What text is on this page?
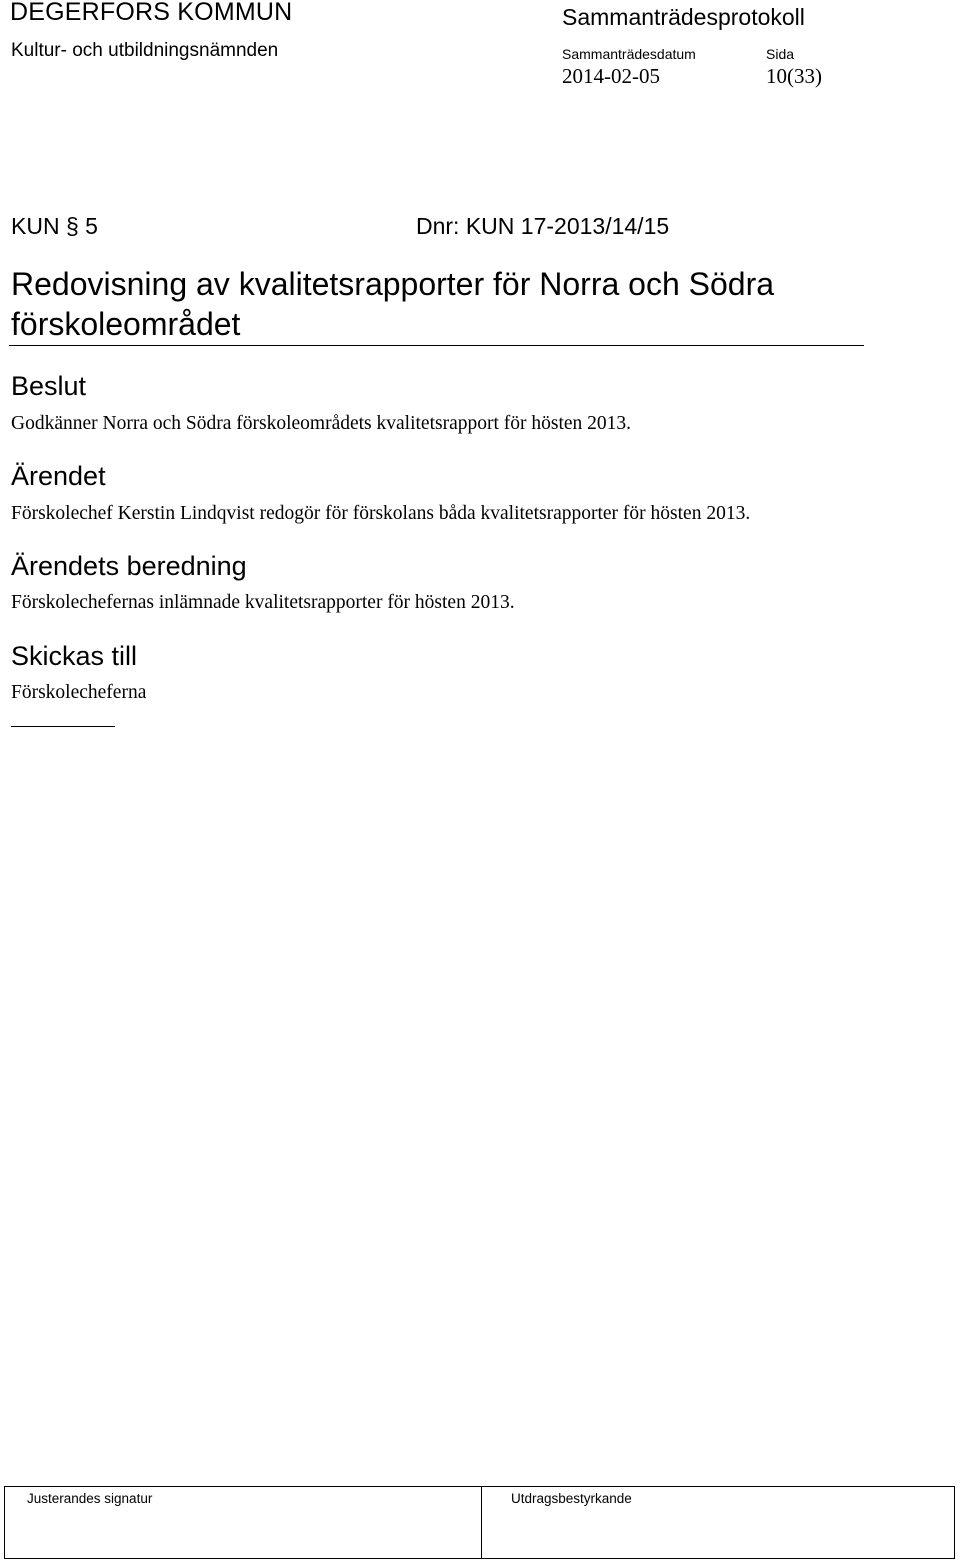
DEGERFORS KOMMUN
Kultur- och utbildningsnämnden
Sammanträdesprotokoll
Sammanträdesdatum	Sida
2014-02-05	10(33)
KUN § 5	Dnr: KUN 17-2013/14/15
Redovisning av kvalitetsrapporter för Norra och Södra
förskoleområdet
Beslut
Godkänner Norra och Södra förskoleområdets kvalitetsrapport för hösten 2013.
Ärendet
Förskolechef Kerstin Lindqvist redogör för förskolans båda kvalitetsrapporter för hösten 2013.
Ärendets beredning
Förskolechefernas inlämnade kvalitetsrapporter för hösten 2013.
Skickas till
Förskolecheferna
Justerandes signatur	Utdragsbestyrkande
